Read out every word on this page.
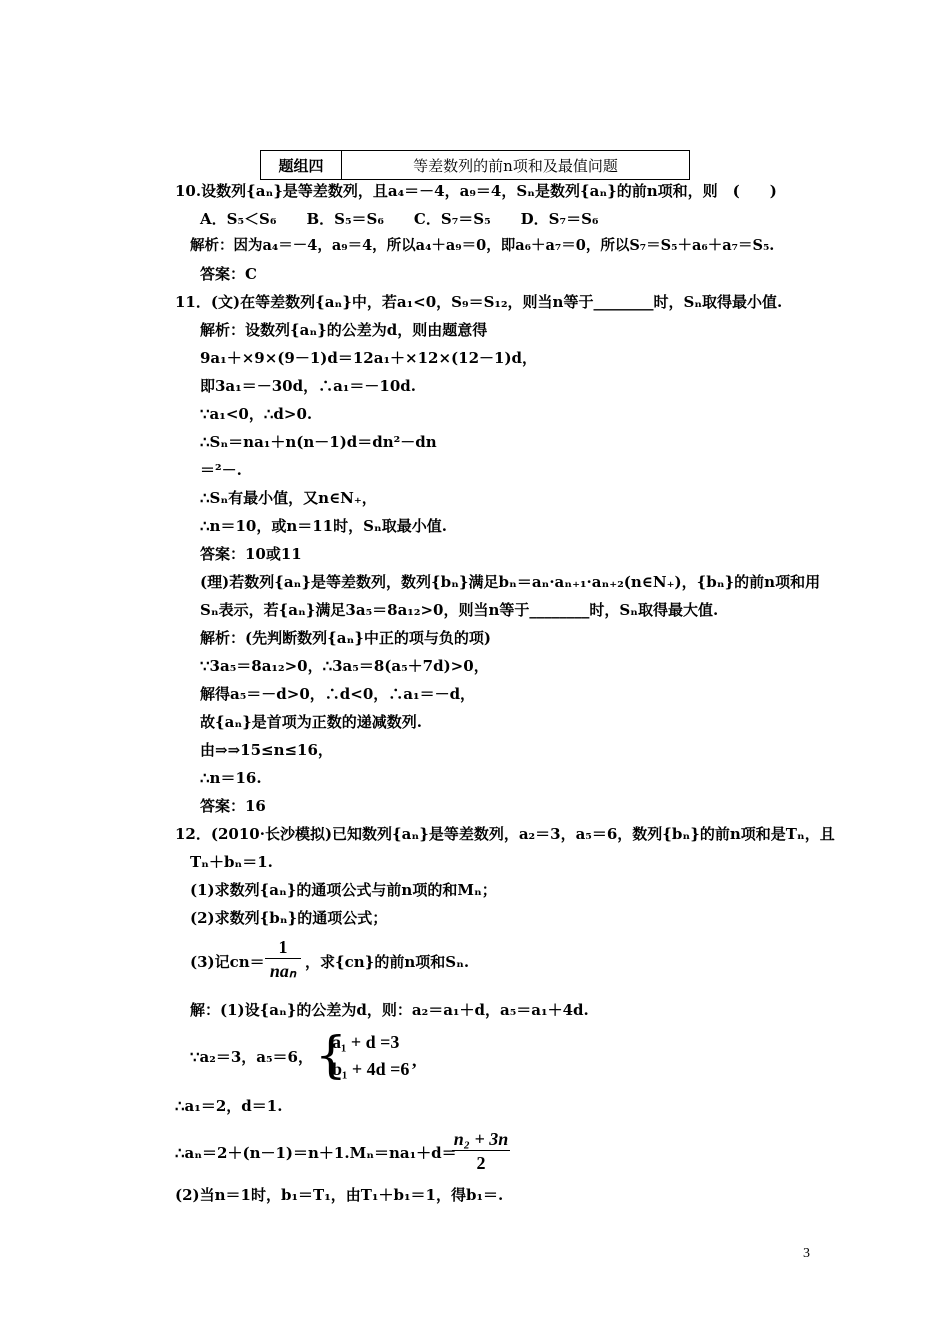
题组四	等差数列的前n项和及最值问题
10.设数列{aₙ}是等差数列，且a₄＝－4，a₉＝4，Sₙ是数列{aₙ}的前n项和，则　(　　)
A．S₅＜S₆　　B．S₅＝S₆　　C．S₇＝S₅　　D．S₇＝S₆
解析：因为a₄＝－4，a₉＝4，所以a₄＋a₉＝0，即a₆＋a₇＝0，所以S₇＝S₅＋a₆＋a₇＝S₅.
答案：C
11．(文)在等差数列{aₙ}中，若a₁<0，S₉＝S₁₂，则当n等于________时，Sₙ取得最小值.
解析：设数列{aₙ}的公差为d，则由题意得
9a₁＋×9×(9－1)d＝12a₁＋×12×(12－1)d，
即3a₁＝－30d，∴a₁＝－10d.
∵a₁<0，∴d>0.
∴Sₙ＝na₁＋n(n－1)d＝dn²－dn
＝²－.
∴Sₙ有最小值，又n∈N₊，
∴n＝10，或n＝11时，Sₙ取最小值.
答案：10或11
(理)若数列{aₙ}是等差数列，数列{bₙ}满足bₙ＝aₙ·aₙ₊₁·aₙ₊₂(n∈N₊)，{bₙ}的前n项和用
Sₙ表示，若{aₙ}满足3a₅＝8a₁₂>0，则当n等于________时，Sₙ取得最大值.
解析：(先判断数列{aₙ}中正的项与负的项)
∵3a₅＝8a₁₂>0，∴3a₅＝8(a₅＋7d)>0，
解得a₅＝－d>0，∴d<0，∴a₁＝－d，
故{aₙ}是首项为正数的递减数列.
由⇒⇒15≤n≤16，
∴n＝16.
答案：16
12．(2010·长沙模拟)已知数列{aₙ}是等差数列，a₂＝3，a₅＝6，数列{bₙ}的前n项和是Tₙ，且
Tₙ＋bₙ＝1.
(1)求数列{aₙ}的通项公式与前n项的和Mₙ；
(2)求数列{bₙ}的通项公式；
(3)记cn＝
1
naₙ ，求{cn}的前n项和Sₙ.
解：(1)设{aₙ}的公差为d，则：a₂＝a₁＋d，a₅＝a₁＋4d.
∵a₂＝3，a₅＝6， {
a₁ + d =3
b₁ + 4d =6 ,
∴a₁＝2，d＝1.
∴aₙ＝2＋(n－1)＝n＋1.Mₙ＝na₁＋d＝
n₂ + 3n
2
(2)当n＝1时，b₁＝T₁，由T₁＋b₁＝1，得b₁＝.
3
